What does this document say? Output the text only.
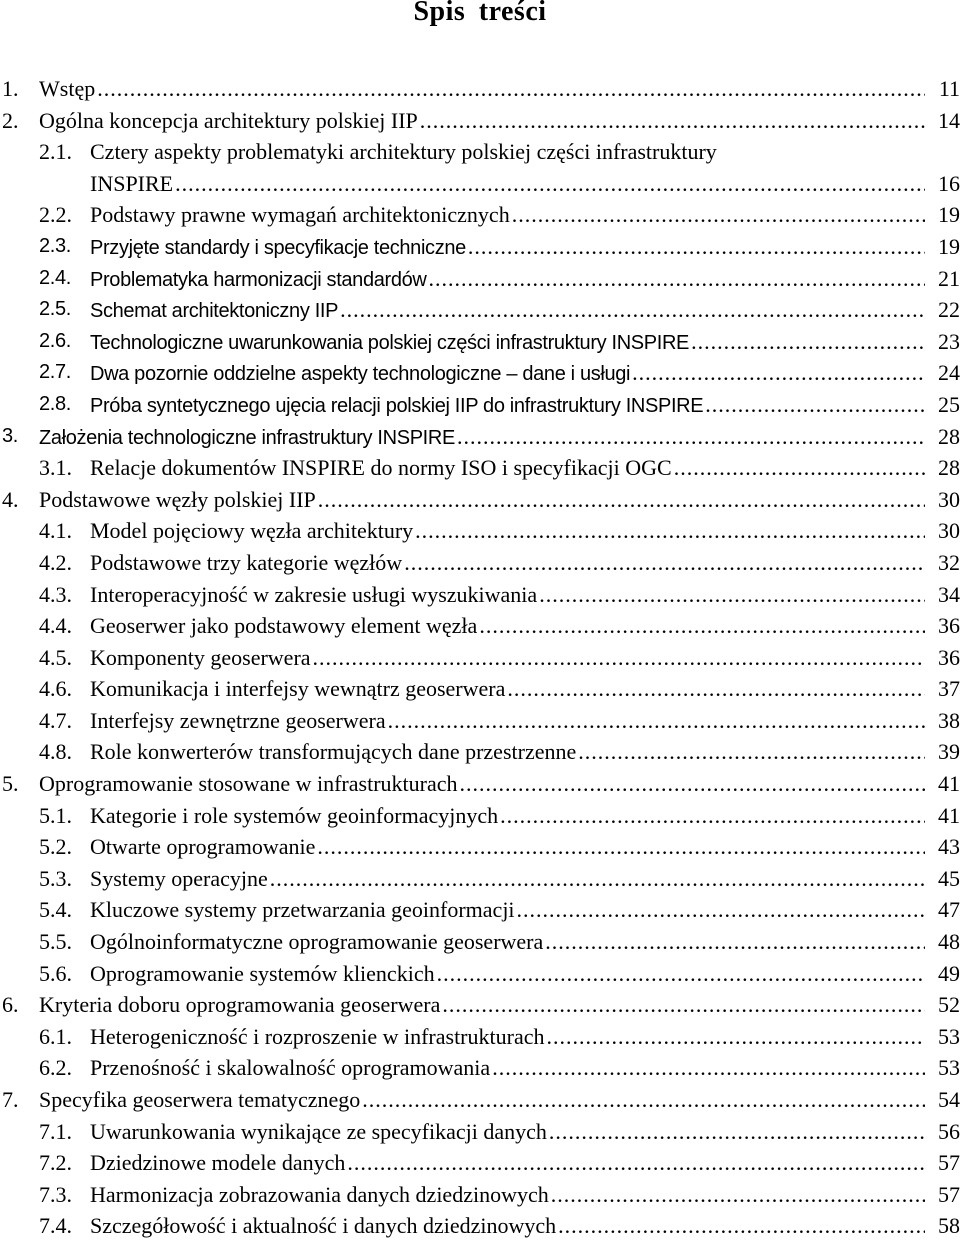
Spis treści
1. Wstęp .....	11
2. Ogólna koncepcja architektury polskiej IIP .....	14
2.1. Cztery aspekty problematyki architektury polskiej części infrastruktury
INSPIRE .....	16
2.2. Podstawy prawne wymagań architektonicznych .....	19
2.3. Przyjęte standardy i specyfikacje techniczne .....	19
2.4. Problematyka harmonizacji standardów .....	21
2.5. Schemat architektoniczny IIP .....	22
2.6. Technologiczne uwarunkowania polskiej części infrastruktury INSPIRE .....	23
2.7. Dwa pozornie oddzielne aspekty technologiczne – dane i usługi .....	24
2.8. Próba syntetycznego ujęcia relacji polskiej IIP do infrastruktury INSPIRE .....	25
3. Założenia technologiczne infrastruktury INSPIRE .....	28
3.1. Relacje dokumentów INSPIRE do normy ISO i specyfikacji OGC .....	28
4. Podstawowe węzły polskiej IIP .....	30
4.1. Model pojęciowy węzła architektury .....	30
4.2. Podstawowe trzy kategorie węzłów .....	32
4.3. Interoperacyjność w zakresie usługi wyszukiwania .....	34
4.4. Geoserwer jako podstawowy element węzła .....	36
4.5. Komponenty geoserwera .....	36
4.6. Komunikacja i interfejsy wewnątrz geoserwera .....	37
4.7. Interfejsy zewnętrzne geoserwera .....	38
4.8. Role konwerterów transformujących dane przestrzenne .....	39
5. Oprogramowanie stosowane w infrastrukturach .....	41
5.1. Kategorie i role systemów geoinformacyjnych .....	41
5.2. Otwarte oprogramowanie .....	43
5.3. Systemy operacyjne .....	45
5.4. Kluczowe systemy przetwarzania geoinformacji .....	47
5.5. Ogólnoinformatyczne oprogramowanie geoserwera .....	48
5.6. Oprogramowanie systemów klienckich .....	49
6. Kryteria doboru oprogramowania geoserwera .....	52
6.1. Heterogeniczność i rozproszenie w infrastrukturach .....	53
6.2. Przenośność i skalowalność oprogramowania .....	53
7. Specyfika geoserwera tematycznego .....	54
7.1. Uwarunkowania wynikające ze specyfikacji danych .....	56
7.2. Dziedzinowe modele danych .....	57
7.3. Harmonizacja zobrazowania danych dziedzinowych .....	57
7.4. Szczegółowość i aktualność i danych dziedzinowych .....	58
